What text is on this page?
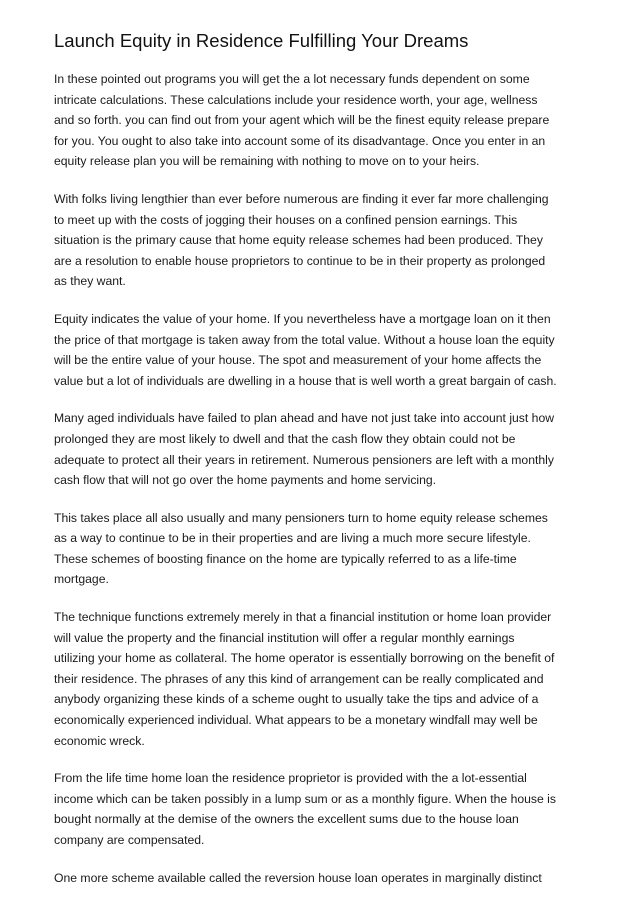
Launch Equity in Residence Fulfilling Your Dreams

In these pointed out programs you will get the a lot necessary funds dependent on some
intricate calculations. These calculations include your residence worth, your age, wellness
and so forth. you can find out from your agent which will be the finest equity release prepare
for you. You ought to also take into account some of its disadvantage. Once you enter in an
equity release plan you will be remaining with nothing to move on to your heirs.

With folks living lengthier than ever before numerous are finding it ever far more challenging
to meet up with the costs of jogging their houses on a confined pension earnings. This
situation is the primary cause that home equity release schemes had been produced. They
are a resolution to enable house proprietors to continue to be in their property as prolonged
as they want.

Equity indicates the value of your home. If you nevertheless have a mortgage loan on it then
the price of that mortgage is taken away from the total value. Without a house loan the equity
will be the entire value of your house. The spot and measurement of your home affects the
value but a lot of individuals are dwelling in a house that is well worth a great bargain of cash.

Many aged individuals have failed to plan ahead and have not just take into account just how
prolonged they are most likely to dwell and that the cash flow they obtain could not be
adequate to protect all their years in retirement. Numerous pensioners are left with a monthly
cash flow that will not go over the home payments and home servicing.

This takes place all also usually and many pensioners turn to home equity release schemes
as a way to continue to be in their properties and are living a much more secure lifestyle.
These schemes of boosting finance on the home are typically referred to as a life-time
mortgage.

The technique functions extremely merely in that a financial institution or home loan provider
will value the property and the financial institution will offer a regular monthly earnings
utilizing your home as collateral. The home operator is essentially borrowing on the benefit of
their residence. The phrases of any this kind of arrangement can be really complicated and
anybody organizing these kinds of a scheme ought to usually take the tips and advice of a
economically experienced individual. What appears to be a monetary windfall may well be
economic wreck.

From the life time home loan the residence proprietor is provided with the a lot-essential
income which can be taken possibly in a lump sum or as a monthly figure. When the house is
bought normally at the demise of the owners the excellent sums due to the house loan
company are compensated.

One more scheme available called the reversion house loan operates in marginally distinct
